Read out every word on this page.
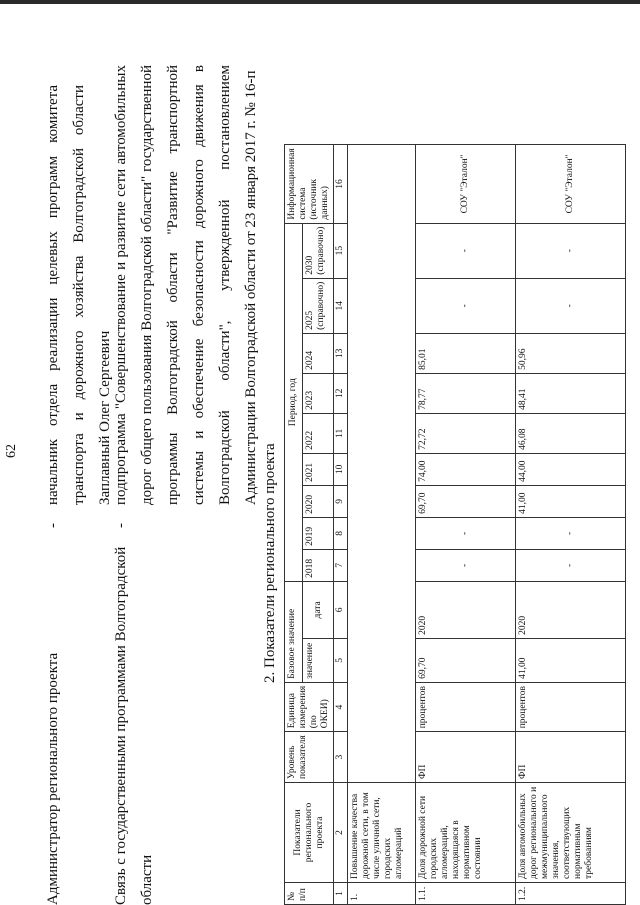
62
Администратор регионального проекта
-
начальник отдела реализации целевых программ комитета транспорта и дорожного хозяйства Волгоградской области Заплавный Олег Сергеевич
Связь с государственными программами Волгоградской области
-
подпрограмма "Совершенствование и развитие сети автомобильных дорог общего пользования Волгоградской области" государственной программы Волгоградской области "Развитие транспортной системы и обеспечение безопасности дорожного движения в Волгоградской области", утвержденной постановлением Администрации Волгоградской области от 23 января 2017 г. № 16-п
2. Показатели регионального проекта
№ п/п	Показатели регионального проекта	Уровень показателя	Единица измерения (по ОКЕИ)	Базовое значение		Период, год									Информационная система (источник данных)
				значение	дата	2018	2019	2020	2021	2022	2023	2024	2025 (справочно)	2030 (справочно)	
1	2	3	4	5	6	7	8	9	10	11	12	13	14	15	16
1.	Повышение качества дорожной сети, в том числе уличной сети, городских агломераций														
1.1.	Доля дорожной сети городских агломераций, находящаяся в нормативном состоянии	ФП	процентов	69,70	2020	-	-	69,70	74,00	72,72	78,77	85,01	-	-	СОУ "Эталон"
1.2.	Доля автомобильных дорог регионального и межмуниципального значения, соответствующих нормативным требованиям	ФП	процентов	41,00	2020	-	-	41,00	44,00	46,08	48,41	50,96	-	-	СОУ "Эталон"
